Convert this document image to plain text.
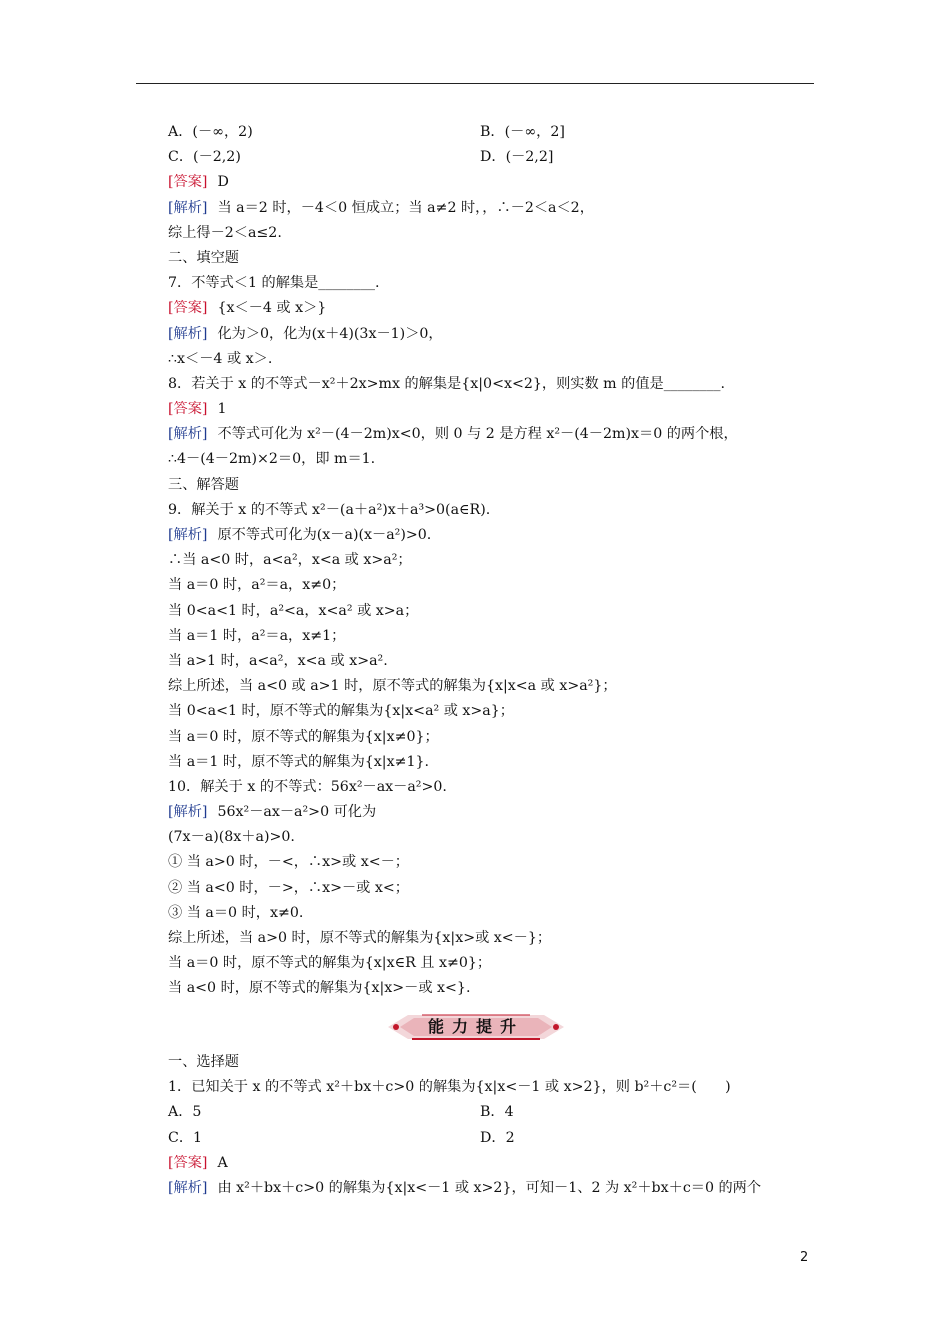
A．(－∞，2)	B．(－∞，2]
C．(－2,2)	D．(－2,2]
[答案] D
[解析] 当 a＝2 时，－4＜0 恒成立；当 a≠2 时，，∴－2＜a＜2，
综上得－2＜a≤2.
二、填空题
7．不等式＜1 的解集是________.
[答案] {x＜－4 或 x＞}
[解析] 化为＞0，化为(x＋4)(3x－1)＞0，
∴x＜－4 或 x＞.
8．若关于 x 的不等式－x²＋2x>mx 的解集是{x|0<x<2}，则实数 m 的值是________.
[答案] 1
[解析] 不等式可化为 x²－(4－2m)x<0，则 0 与 2 是方程 x²－(4－2m)x＝0 的两个根，
∴4－(4－2m)×2＝0，即 m＝1.
三、解答题
9．解关于 x 的不等式 x²－(a＋a²)x＋a³>0(a∈R).
[解析] 原不等式可化为(x－a)(x－a²)>0.
∴当 a<0 时，a<a²，x<a 或 x>a²；
当 a＝0 时，a²＝a，x≠0；
当 0<a<1 时，a²<a，x<a² 或 x>a；
当 a＝1 时，a²＝a，x≠1；
当 a>1 时，a<a²，x<a 或 x>a².
综上所述，当 a<0 或 a>1 时，原不等式的解集为{x|x<a 或 x>a²}；
当 0<a<1 时，原不等式的解集为{x|x<a² 或 x>a}；
当 a＝0 时，原不等式的解集为{x|x≠0}；
当 a＝1 时，原不等式的解集为{x|x≠1}.
10．解关于 x 的不等式：56x²－ax－a²>0.
[解析] 56x²－ax－a²>0 可化为
(7x－a)(8x＋a)>0.
① 当 a>0 时，－<，∴x>或 x<－；
② 当 a<0 时，－>，∴x>－或 x<；
③ 当 a＝0 时，x≠0.
综上所述，当 a>0 时，原不等式的解集为{x|x>或 x<－}；
当 a＝0 时，原不等式的解集为{x|x∈R 且 x≠0}；
当 a<0 时，原不等式的解集为{x|x>－或 x<}.
能力提升
一、选择题
1．已知关于 x 的不等式 x²＋bx＋c>0 的解集为{x|x<－1 或 x>2}，则 b²＋c²＝(　　)
A．5	B．4
C．1	D．2
[答案] A
[解析] 由 x²＋bx＋c>0 的解集为{x|x<－1 或 x>2}，可知－1、2 为 x²＋bx＋c＝0 的两个
2
